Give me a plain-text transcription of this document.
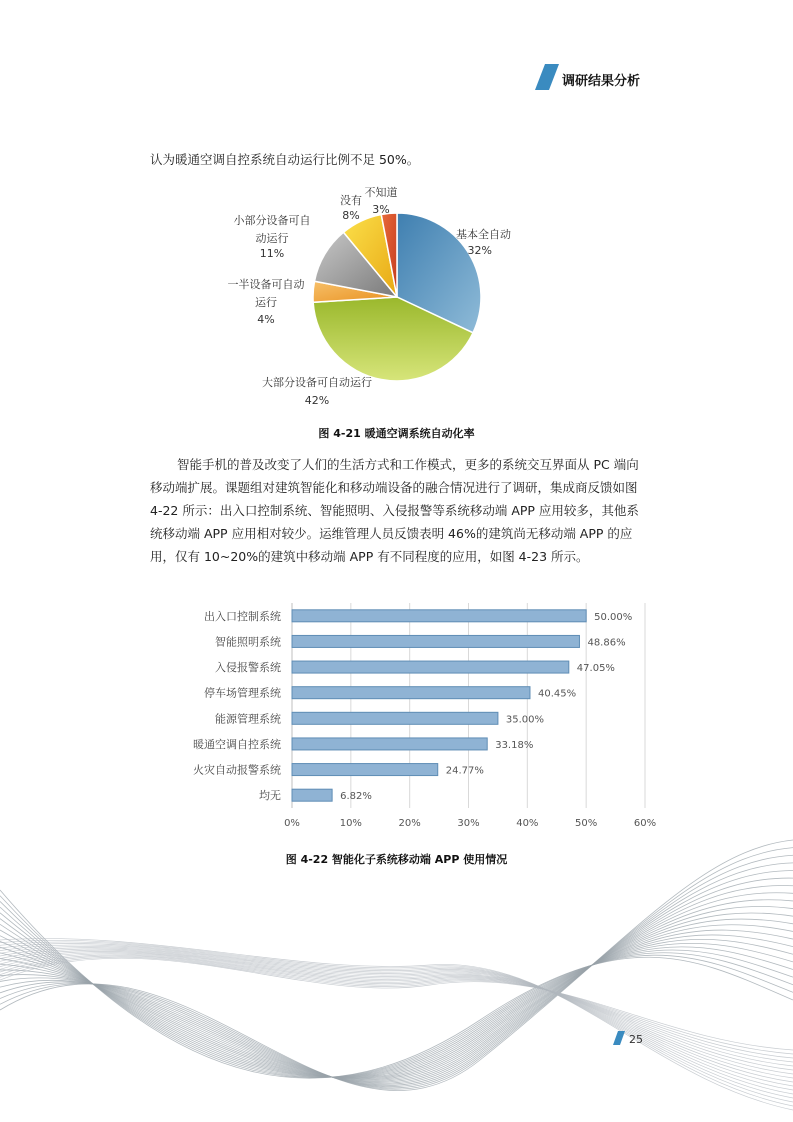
调研结果分析
认为暖通空调自控系统自动运行比例不足 50%。
基本全自动
32%
大部分设备可自动运行
42%
一半设备可自动
运行
4%
小部分设备可自
动运行
11%
没有
8%
不知道
3%
图 4-21 暖通空调系统自动化率
智能手机的普及改变了人们的生活方式和工作模式，更多的系统交互界面从 PC 端向移动端扩展。课题组对建筑智能化和移动端设备的融合情况进行了调研，集成商反馈如图 4-22 所示：出入口控制系统、智能照明、入侵报警等系统移动端 APP 应用较多，其他系统移动端 APP 应用相对较少。运维管理人员反馈表明 46%的建筑尚无移动端 APP 的应用，仅有 10~20%的建筑中移动端 APP 有不同程度的应用，如图 4-23 所示。
出入口控制系统	50.00%
智能照明系统	48.86%
入侵报警系统	47.05%
停车场管理系统	40.45%
能源管理系统	35.00%
暖通空调自控系统	33.18%
火灾自动报警系统	24.77%
均无	6.82%
0%	10%	20%	30%	40%	50%	60%
图 4-22 智能化子系统移动端 APP 使用情况
25
